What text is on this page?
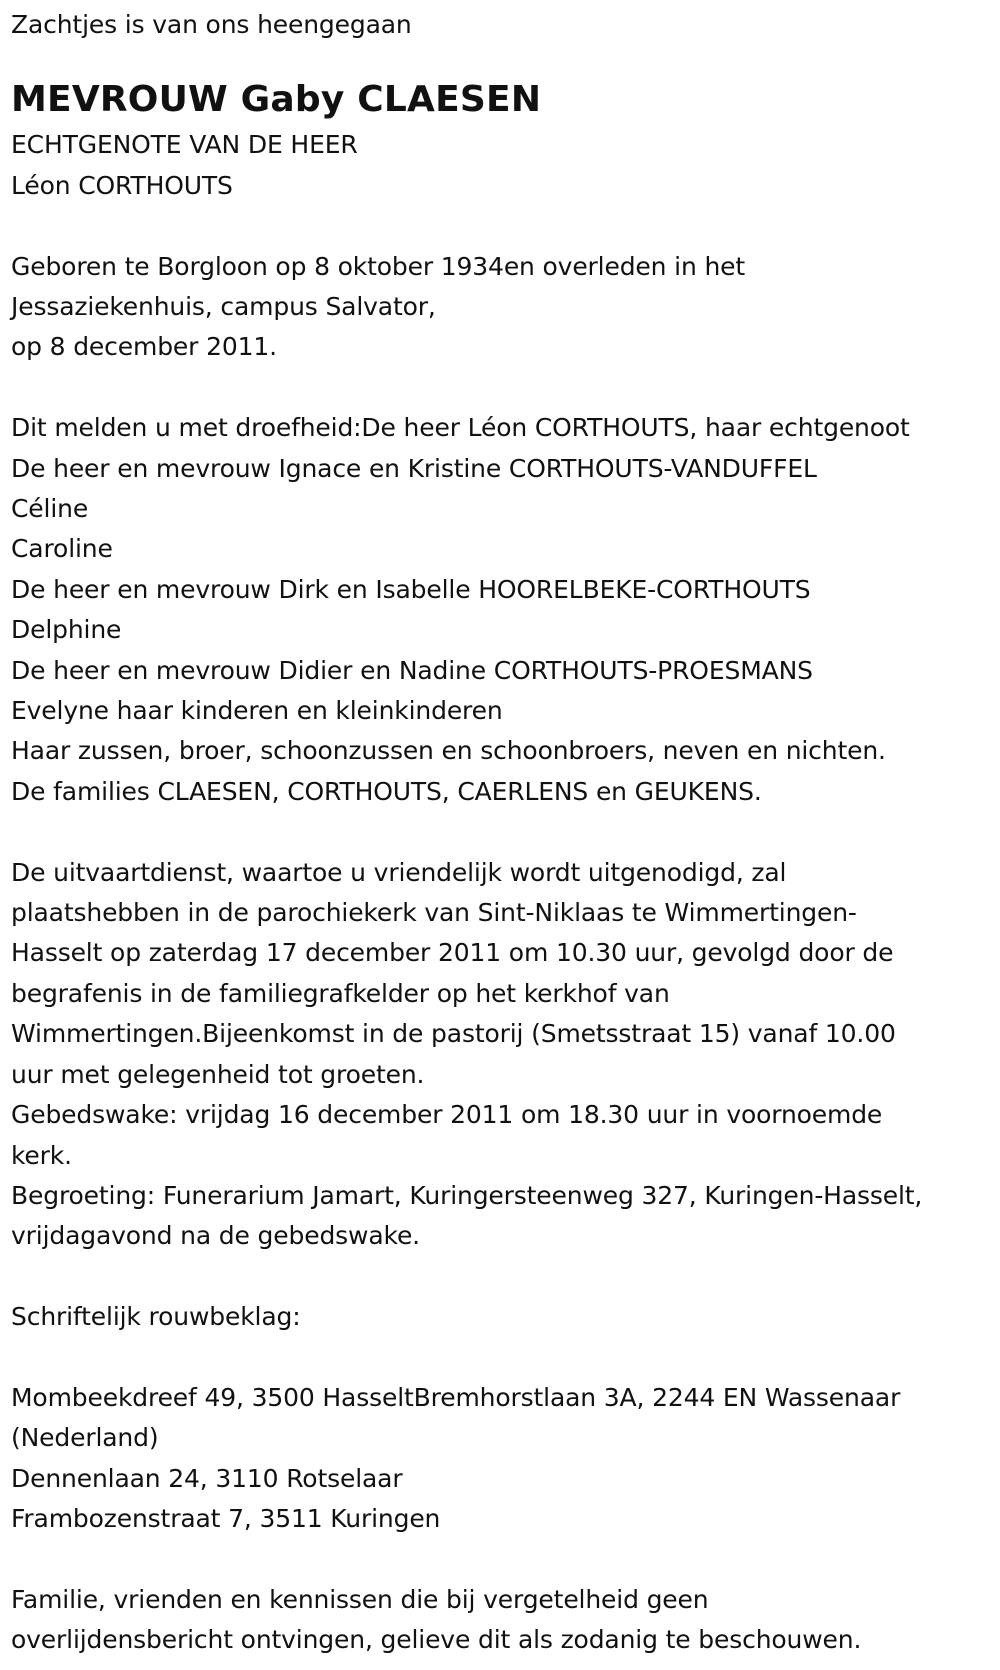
Zachtjes is van ons heengegaan

MEVROUW Gaby CLAESEN

ECHTGENOTE VAN DE HEER

Léon CORTHOUTS

Geboren te Borgloon op 8 oktober 1934en overleden in het

Jessaziekenhuis, campus Salvator,

op 8 december 2011.

Dit melden u met droefheid:De heer Léon CORTHOUTS, haar echtgenoot

De heer en mevrouw Ignace en Kristine CORTHOUTS-VANDUFFEL

Céline

Caroline

De heer en mevrouw Dirk en Isabelle HOORELBEKE-CORTHOUTS

Delphine

De heer en mevrouw Didier en Nadine CORTHOUTS-PROESMANS

Evelyne haar kinderen en kleinkinderen

Haar zussen, broer, schoonzussen en schoonbroers, neven en nichten.

De families CLAESEN, CORTHOUTS, CAERLENS en GEUKENS.

De uitvaartdienst, waartoe u vriendelijk wordt uitgenodigd, zal

plaatshebben in de parochiekerk van Sint-Niklaas te Wimmertingen-

Hasselt op zaterdag 17 december 2011 om 10.30 uur, gevolgd door de

begrafenis in de familiegrafkelder op het kerkhof van

Wimmertingen.Bijeenkomst in de pastorij (Smetsstraat 15) vanaf 10.00

uur met gelegenheid tot groeten.

Gebedswake: vrijdag 16 december 2011 om 18.30 uur in voornoemde

kerk.

Begroeting: Funerarium Jamart, Kuringersteenweg 327, Kuringen-Hasselt,

vrijdagavond na de gebedswake.

Schriftelijk rouwbeklag:

Mombeekdreef 49, 3500 HasseltBremhorstlaan 3A, 2244 EN Wassenaar

(Nederland)

Dennenlaan 24, 3110 Rotselaar

Frambozenstraat 7, 3511 Kuringen

Familie, vrienden en kennissen die bij vergetelheid geen

overlijdensbericht ontvingen, gelieve dit als zodanig te beschouwen.
